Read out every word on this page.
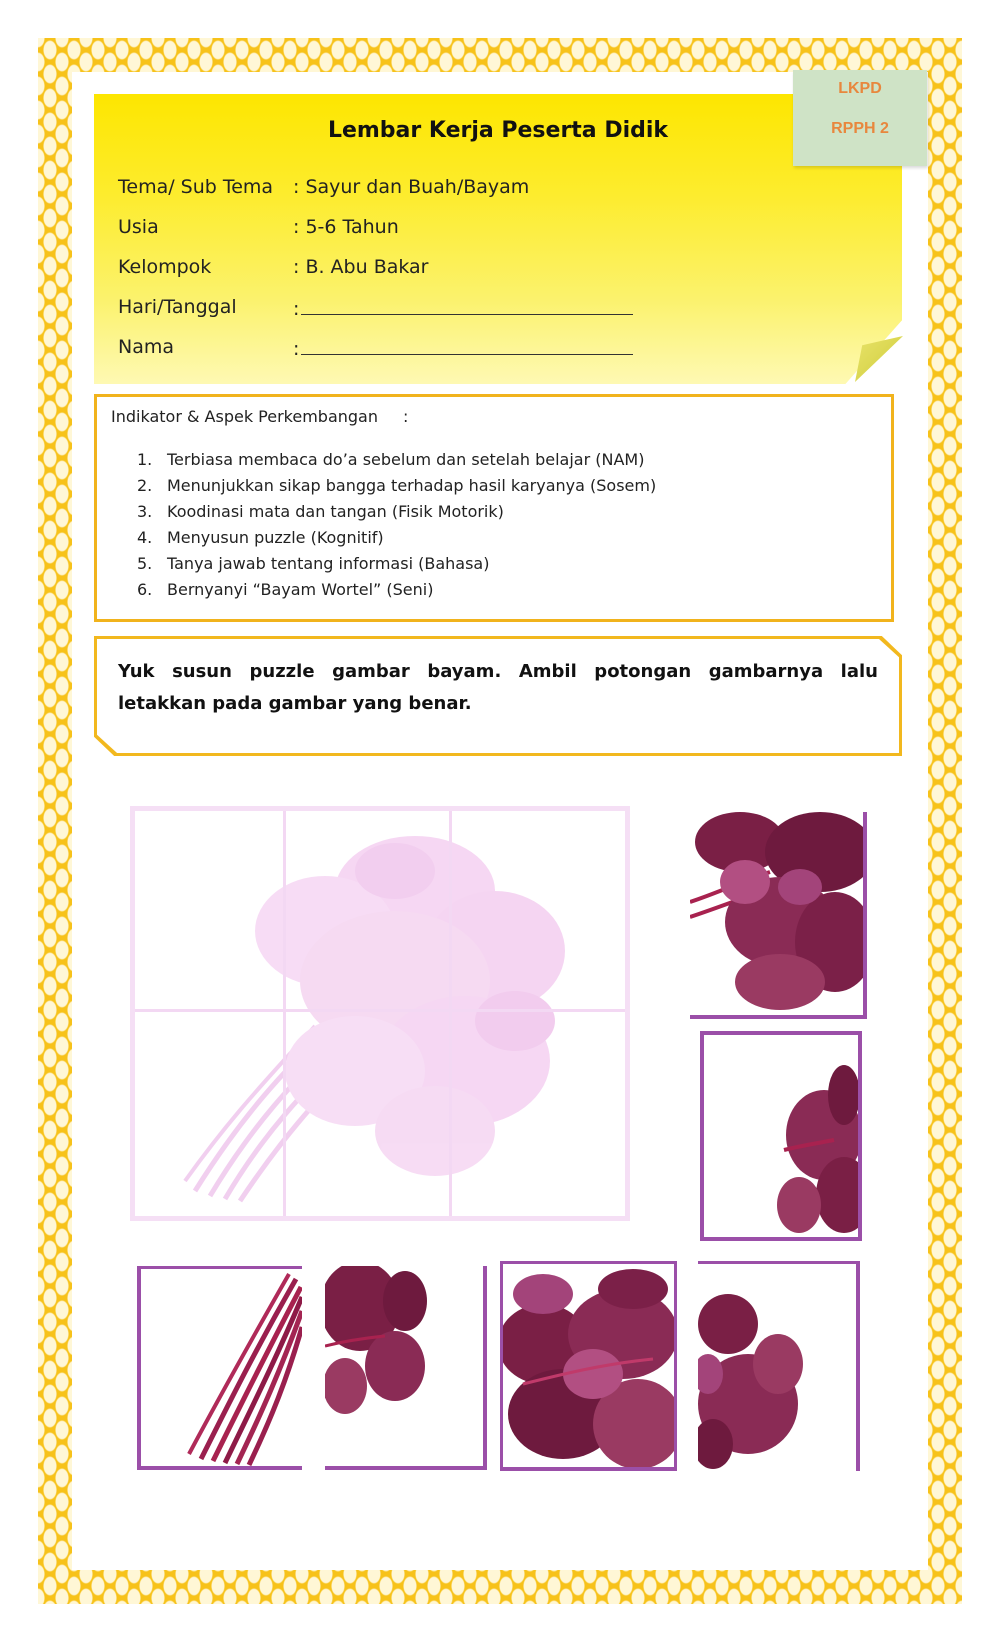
LKPD
RPPH 2
Lembar Kerja Peserta Didik
Tema/ Sub Tema	: Sayur dan Buah/Bayam
Usia	: 5-6 Tahun
Kelompok	: B. Abu Bakar
Hari/Tanggal	:
Nama	:
Indikator & Aspek Perkembangan :
1. Terbiasa membaca do’a sebelum dan setelah belajar (NAM)
2. Menunjukkan sikap bangga terhadap hasil karyanya (Sosem)
3. Koodinasi mata dan tangan (Fisik Motorik)
4. Menyusun puzzle (Kognitif)
5. Tanya jawab tentang informasi (Bahasa)
6. Bernyanyi “Bayam Wortel” (Seni)
Yuk susun puzzle gambar bayam. Ambil potongan gambarnya lalu letakkan pada gambar yang benar.
